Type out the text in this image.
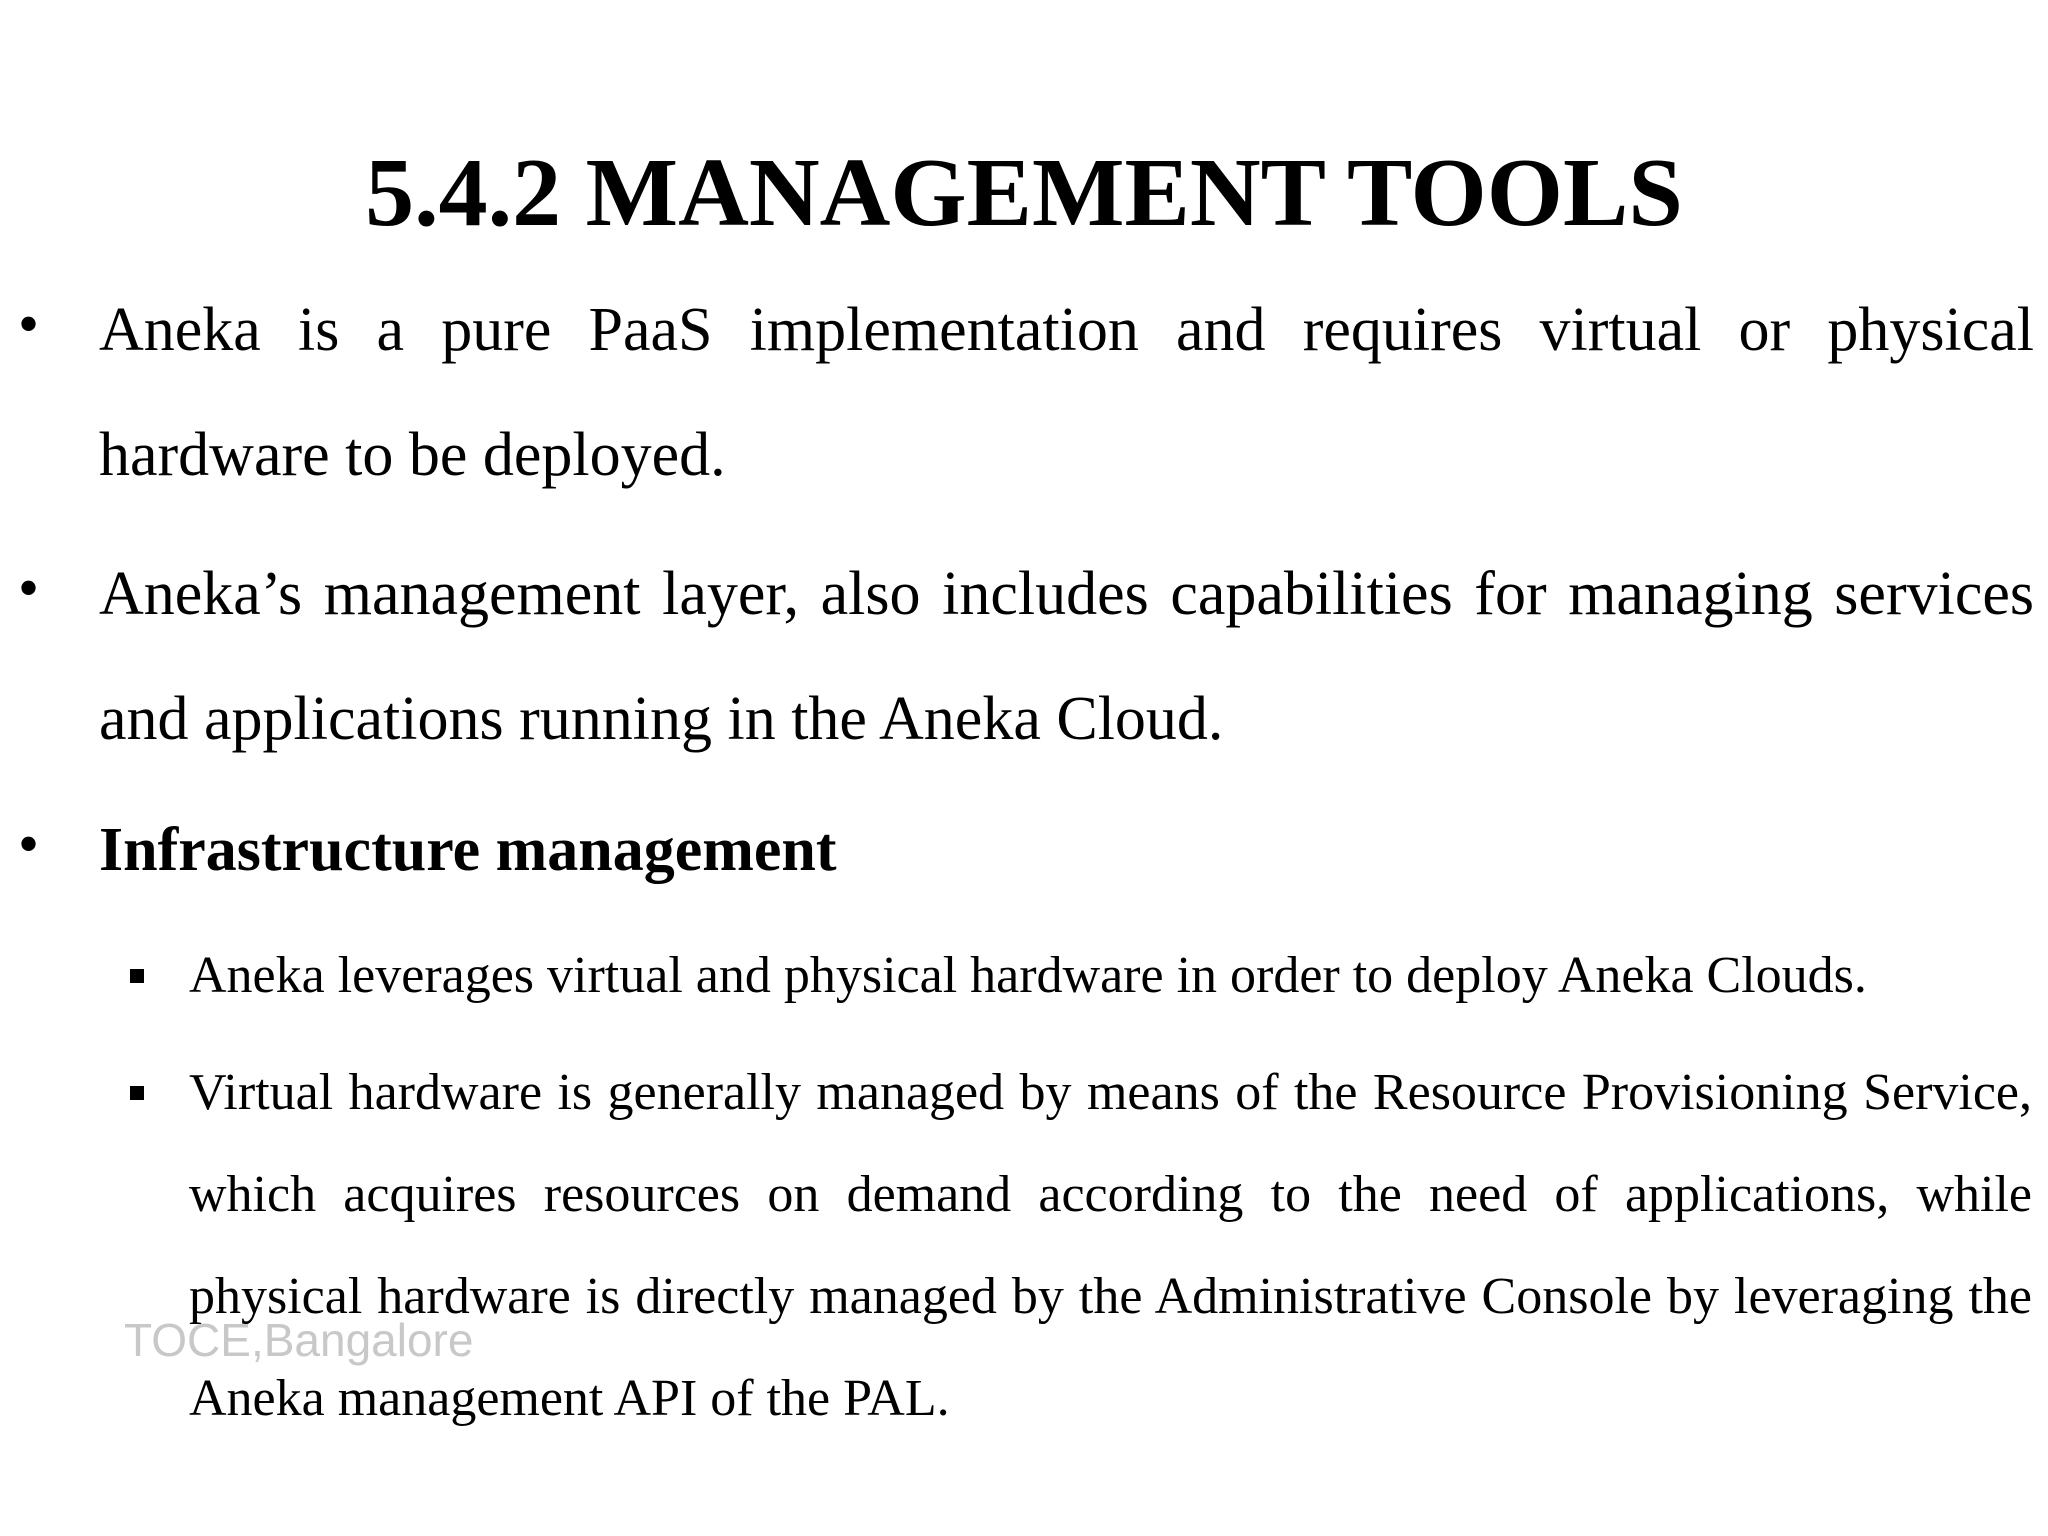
5.4.2 MANAGEMENT TOOLS
• Aneka is a pure PaaS implementation and requires virtual or physical hardware to be deployed.
• Aneka’s management layer, also includes capabilities for managing services and applications running in the Aneka Cloud.
• Infrastructure management
Aneka leverages virtual and physical hardware in order to deploy Aneka Clouds.
Virtual hardware is generally managed by means of the Resource Provisioning Service, which acquires resources on demand according to the need of applications, while physical hardware is directly managed by the Administrative Console by leveraging the Aneka management API of the PAL.
TOCE,Bangalore
